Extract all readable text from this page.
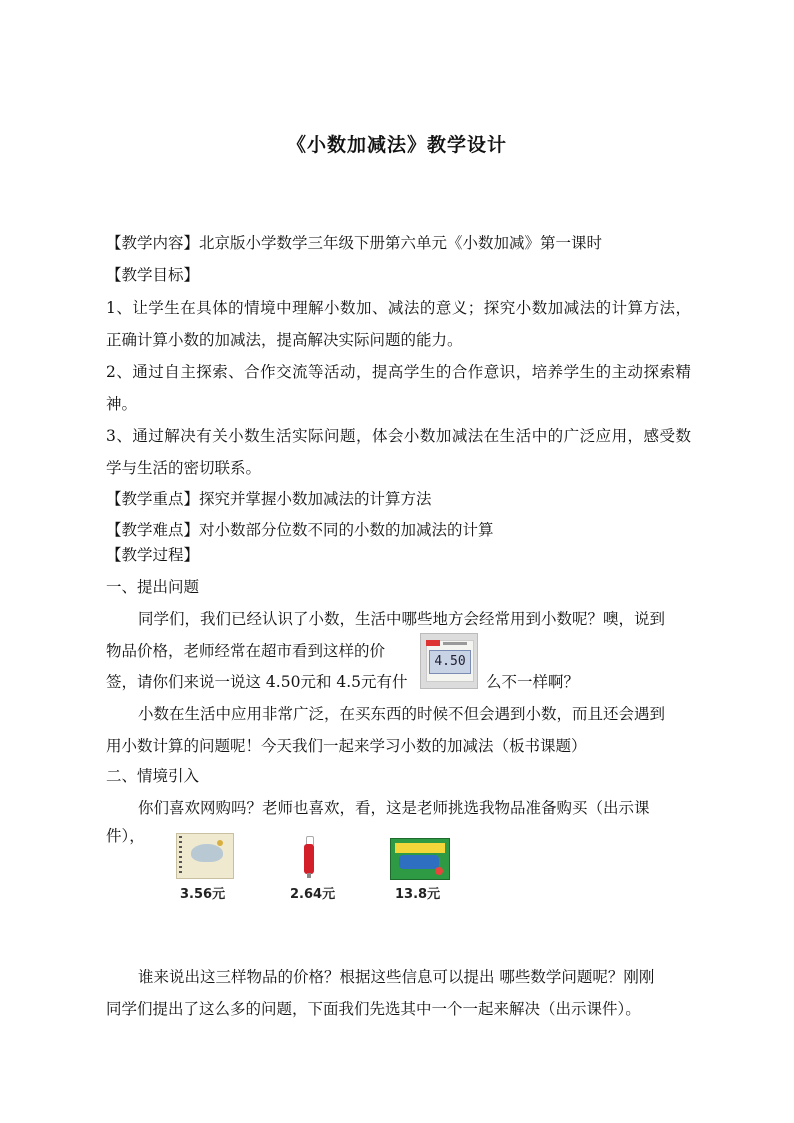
《小数加减法》教学设计
【教学内容】北京版小学数学三年级下册第六单元《小数加减》第一课时
【教学目标】
1、让学生在具体的情境中理解小数加、减法的意义；探究小数加减法的计算方法，
正确计算小数的加减法，提高解决实际问题的能力。
2、通过自主探索、合作交流等活动，提高学生的合作意识，培养学生的主动探索精
神。
3、通过解决有关小数生活实际问题，体会小数加减法在生活中的广泛应用，感受数
学与生活的密切联系。
【教学重点】探究并掌握小数加减法的计算方法
【教学难点】对小数部分位数不同的小数的加减法的计算
【教学过程】
一、提出问题
同学们，我们已经认识了小数，生活中哪些地方会经常用到小数呢？噢，说到
物品价格，老师经常在超市看到这样的价
4.50
签，请你们来说一说这 4.50元和 4.5元有什	么不一样啊？
小数在生活中应用非常广泛，在买东西的时候不但会遇到小数，而且还会遇到
用小数计算的问题呢！今天我们一起来学习小数的加减法（板书课题）
二、情境引入
你们喜欢网购吗？老师也喜欢，看，这是老师挑选我物品准备购买（出示课
件），
3.56元	2.64元	13.8元
谁来说出这三样物品的价格？根据这些信息可以提出 哪些数学问题呢？刚刚
同学们提出了这么多的问题，下面我们先选其中一个一起来解决（出示课件）。
